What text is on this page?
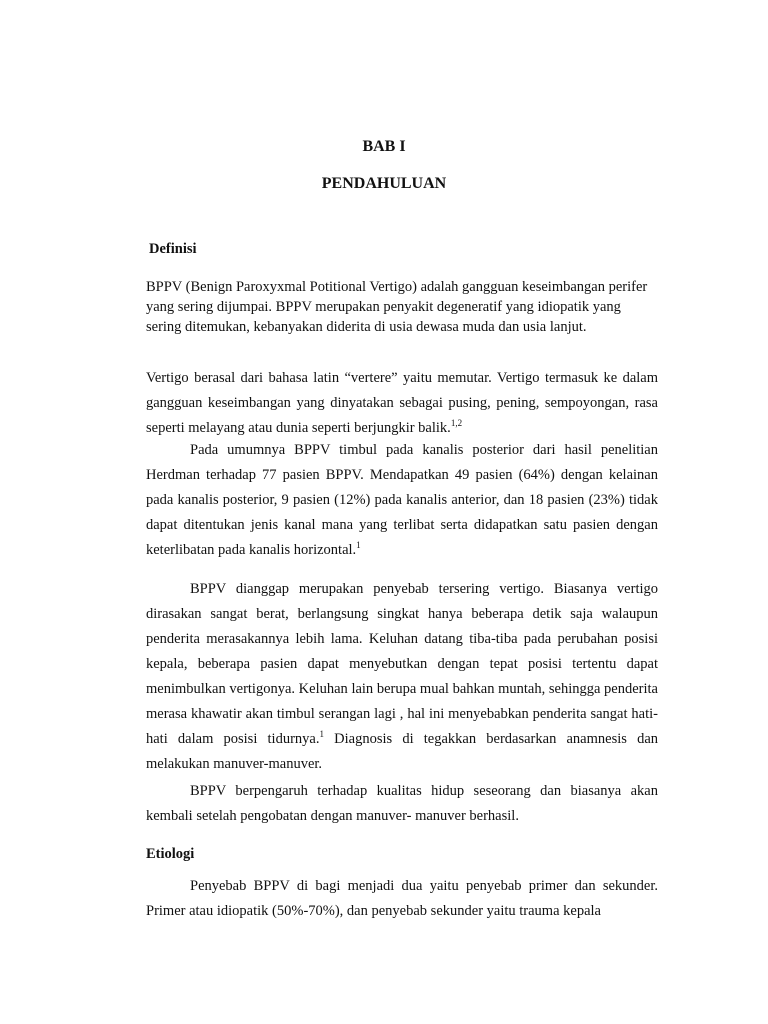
BAB I
PENDAHULUAN
Definisi

BPPV (Benign Paroxyxmal Potitional Vertigo) adalah gangguan keseimbangan perifer yang sering dijumpai. BPPV merupakan penyakit degeneratif yang idiopatik yang sering ditemukan, kebanyakan diderita di usia dewasa muda dan usia lanjut.

Vertigo berasal dari bahasa latin “vertere” yaitu memutar. Vertigo termasuk ke dalam gangguan keseimbangan yang dinyatakan sebagai pusing, pening, sempoyongan, rasa seperti melayang atau dunia seperti berjungkir balik.$^{1,2}$

Pada umumnya BPPV timbul pada kanalis posterior dari hasil penelitian Herdman terhadap 77 pasien BPPV. Mendapatkan 49 pasien (64%) dengan kelainan pada kanalis posterior, 9 pasien (12%) pada kanalis anterior, dan 18 pasien (23%) tidak dapat ditentukan jenis kanal mana yang terlibat serta didapatkan satu pasien dengan keterlibatan pada kanalis horizontal.$^1$

BPPV dianggap merupakan penyebab tersering vertigo. Biasanya vertigo dirasakan sangat berat, berlangsung singkat hanya beberapa detik saja walaupun penderita merasakannya lebih lama. Keluhan datang tiba-tiba pada perubahan posisi kepala, beberapa pasien dapat menyebutkan dengan tepat posisi tertentu dapat menimbulkan vertigonya. Keluhan lain berupa mual bahkan muntah, sehingga penderita merasa khawatir akan timbul serangan lagi , hal ini menyebabkan penderita sangat hati- hati dalam posisi tidurnya.$^1$ Diagnosis di tegakkan berdasarkan anamnesis dan melakukan manuver-manuver.

BPPV berpengaruh terhadap kualitas hidup seseorang dan biasanya akan kembali setelah pengobatan dengan manuver- manuver berhasil.

Etiologi

Penyebab BPPV di bagi menjadi dua yaitu penyebab primer dan sekunder. Primer atau idiopatik (50%-70%), dan penyebab sekunder yaitu trauma kepala
